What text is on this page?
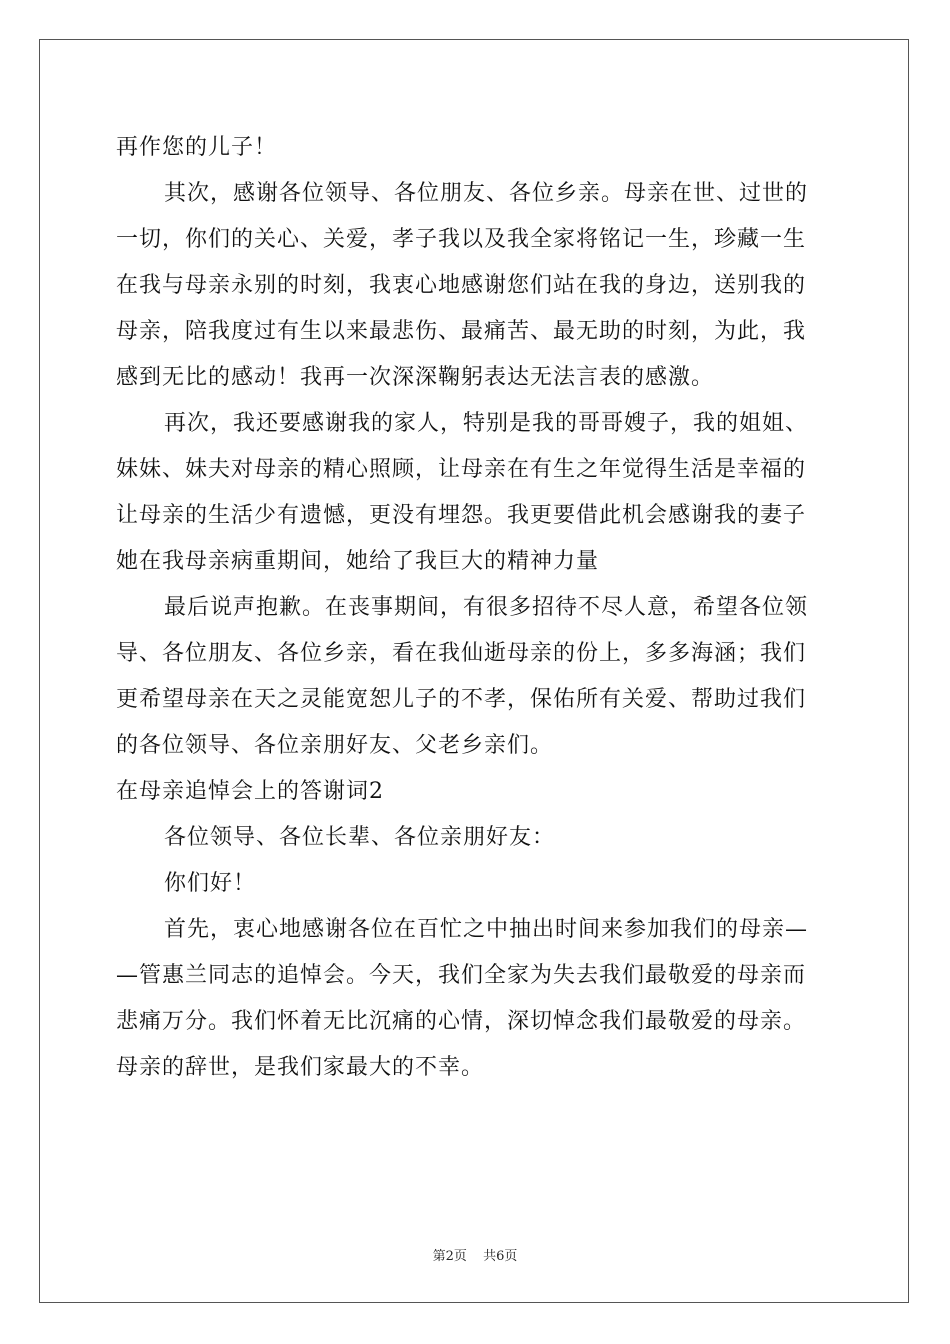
再作您的儿子！
其次，感谢各位领导、各位朋友、各位乡亲。母亲在世、过世的
一切，你们的关心、关爱，孝子我以及我全家将铭记一生，珍藏一生
在我与母亲永别的时刻，我衷心地感谢您们站在我的身边，送别我的
母亲，陪我度过有生以来最悲伤、最痛苦、最无助的时刻，为此，我
感到无比的感动！我再一次深深鞠躬表达无法言表的感激。
再次，我还要感谢我的家人，特别是我的哥哥嫂子，我的姐姐、
妹妹、妹夫对母亲的精心照顾，让母亲在有生之年觉得生活是幸福的
让母亲的生活少有遗憾，更没有埋怨。我更要借此机会感谢我的妻子
她在我母亲病重期间，她给了我巨大的精神力量
最后说声抱歉。在丧事期间，有很多招待不尽人意，希望各位领
导、各位朋友、各位乡亲，看在我仙逝母亲的份上，多多海涵；我们
更希望母亲在天之灵能宽恕儿子的不孝，保佑所有关爱、帮助过我们
的各位领导、各位亲朋好友、父老乡亲们。
在母亲追悼会上的答谢词2
各位领导、各位长辈、各位亲朋好友：
你们好！
首先，衷心地感谢各位在百忙之中抽出时间来参加我们的母亲—
—管惠兰同志的追悼会。今天，我们全家为失去我们最敬爱的母亲而
悲痛万分。我们怀着无比沉痛的心情，深切悼念我们最敬爱的母亲。
母亲的辞世，是我们家最大的不幸。
第2页 共6页
